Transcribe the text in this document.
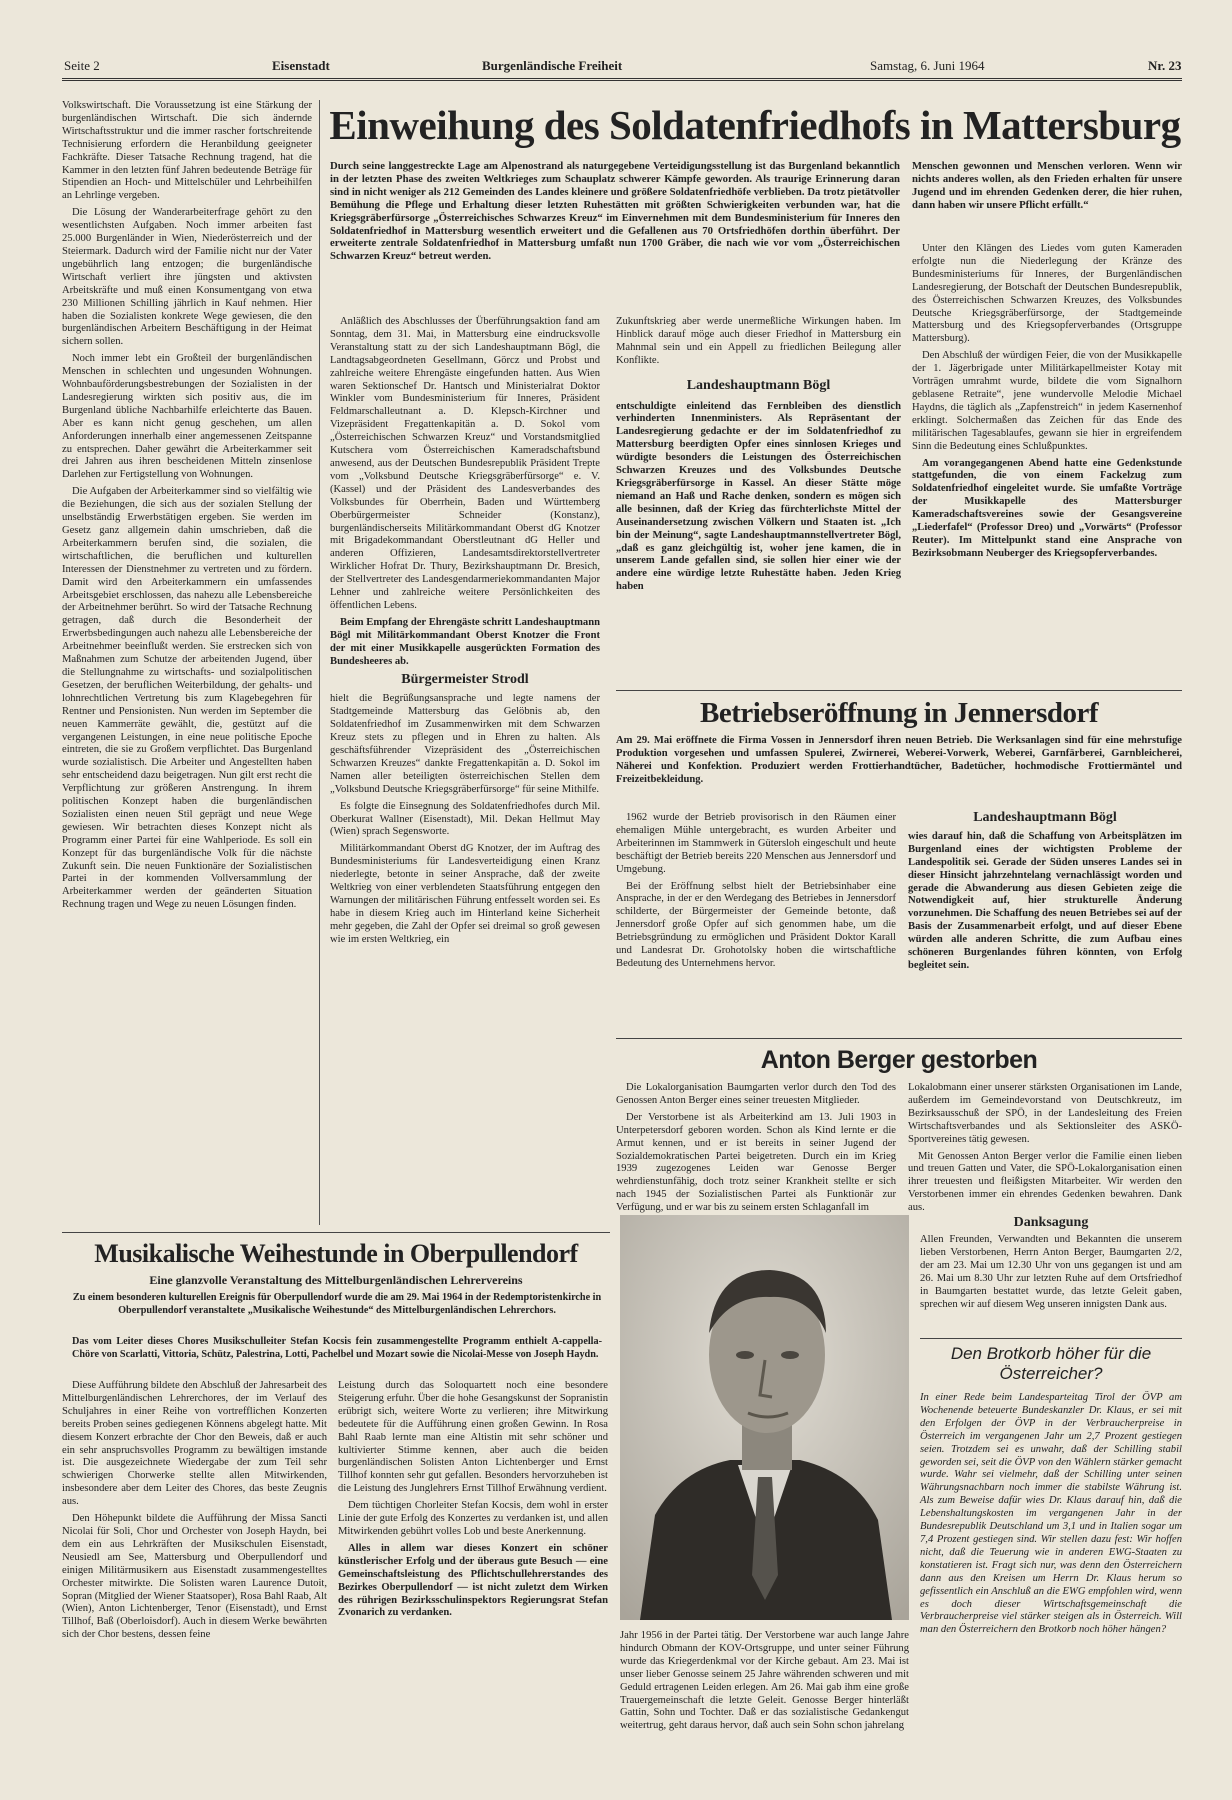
Seite 2	Eisenstadt	Burgenländische Freiheit	Samstag, 6. Juni 1964	Nr. 23

Volkswirtschaft. Die Voraussetzung ist eine Stärkung der burgenländischen Wirtschaft. Die sich ändernde Wirtschaftsstruktur und die immer rascher fortschreitende Technisierung erfordern die Heranbildung geeigneter Fachkräfte. Dieser Tatsache Rechnung tragend, hat die Kammer in den letzten fünf Jahren bedeutende Beträge für Stipendien an Hoch- und Mittelschüler und Lehrbeihilfen an Lehrlinge vergeben.

Die Lösung der Wanderarbeiterfrage gehört zu den wesentlichsten Aufgaben. Noch immer arbeiten fast 25.000 Burgenländer in Wien, Niederösterreich und der Steiermark. Dadurch wird der Familie nicht nur der Vater ungebührlich lang entzogen; die burgenländische Wirtschaft verliert ihre jüngsten und aktivsten Arbeitskräfte und muß einen Konsumentgang von etwa 230 Millionen Schilling jährlich in Kauf nehmen. Hier haben die Sozialisten konkrete Wege gewiesen, die den burgenländischen Arbeitern Beschäftigung in der Heimat sichern sollen.

Noch immer lebt ein Großteil der burgenländischen Menschen in schlechten und ungesunden Wohnungen. Wohnbauförderungsbestrebungen der Sozialisten in der Landesregierung wirkten sich positiv aus, die im Burgenland übliche Nachbarhilfe erleichterte das Bauen. Aber es kann nicht genug geschehen, um allen Anforderungen innerhalb einer angemessenen Zeitspanne zu entsprechen. Daher gewährt die Arbeiterkammer seit drei Jahren aus ihren bescheidenen Mitteln zinsenlose Darlehen zur Fertigstellung von Wohnungen.

Die Aufgaben der Arbeiterkammer sind so vielfältig wie die Beziehungen, die sich aus der sozialen Stellung der unselbständig Erwerbstätigen ergeben. Sie werden im Gesetz ganz allgemein dahin umschrieben, daß die Arbeiterkammern berufen sind, die sozialen, die wirtschaftlichen, die beruflichen und kulturellen Interessen der Dienstnehmer zu vertreten und zu fördern. Damit wird den Arbeiterkammern ein umfassendes Arbeitsgebiet erschlossen, das nahezu alle Lebensbereiche der Arbeitnehmer berührt. So wird der Tatsache Rechnung getragen, daß durch die Besonderheit der Erwerbsbedingungen auch nahezu alle Lebensbereiche der Arbeitnehmer beeinflußt werden. Sie erstrecken sich von Maßnahmen zum Schutze der arbeitenden Jugend, über die Stellungnahme zu wirtschafts- und sozialpolitischen Gesetzen, der beruflichen Weiterbildung, der gehalts- und lohnrechtlichen Vertretung bis zum Klagebegehren für Rentner und Pensionisten. Nun werden im September die neuen Kammerräte gewählt, die, gestützt auf die vergangenen Leistungen, in eine neue politische Epoche eintreten, die sie zu Großem verpflichtet. Das Burgenland wurde sozialistisch. Die Arbeiter und Angestellten haben sehr entscheidend dazu beigetragen. Nun gilt erst recht die Verpflichtung zur größeren Anstrengung. In ihrem politischen Konzept haben die burgenländischen Sozialisten einen neuen Stil geprägt und neue Wege gewiesen. Wir betrachten dieses Konzept nicht als Programm einer Partei für eine Wahlperiode. Es soll ein Konzept für das burgenländische Volk für die nächste Zukunft sein. Die neuen Funktionäre der Sozialistischen Partei in der kommenden Vollversammlung der Arbeiterkammer werden der geänderten Situation Rechnung tragen und Wege zu neuen Lösungen finden.

Einweihung des Soldatenfriedhofs in Mattersburg
Durch seine langgestreckte Lage am Alpenostrand als naturgegebene Verteidigungsstellung ist das Burgenland bekanntlich in der letzten Phase des zweiten Weltkrieges zum Schauplatz schwerer Kämpfe geworden. Als traurige Erinnerung daran sind in nicht weniger als 212 Gemeinden des Landes kleinere und größere Soldatenfriedhöfe verblieben. Da trotz pietätvoller Bemühung die Pflege und Erhaltung dieser letzten Ruhestätten mit größten Schwierigkeiten verbunden war, hat die Kriegsgräberfürsorge „Österreichisches Schwarzes Kreuz“ im Einvernehmen mit dem Bundesministerium für Inneres den Soldatenfriedhof in Mattersburg wesentlich erweitert und die Gefallenen aus 70 Ortsfriedhöfen dorthin überführt. Der erweiterte zentrale Soldatenfriedhof in Mattersburg umfaßt nun 1700 Gräber, die nach wie vor vom „Österreichischen Schwarzen Kreuz“ betreut werden.
Menschen gewonnen und Menschen verloren. Wenn wir nichts anderes wollen, als den Frieden erhalten für unsere Jugend und im ehrenden Gedenken derer, die hier ruhen, dann haben wir unsere Pflicht erfüllt.“

Anläßlich des Abschlusses der Überführungsaktion fand am Sonntag, dem 31. Mai, in Mattersburg eine eindrucksvolle Veranstaltung statt zu der sich Landeshauptmann Bögl, die Landtagsabgeordneten Gesellmann, Görcz und Probst und zahlreiche weitere Ehrengäste eingefunden hatten. Aus Wien waren Sektionschef Dr. Hantsch und Ministerialrat Doktor Winkler vom Bundesministerium für Inneres, Präsident Feldmarschalleutnant a. D. Klepsch-Kirchner und Vizepräsident Fregattenkapitän a. D. Sokol vom „Österreichischen Schwarzen Kreuz“ und Vorstandsmitglied Kutschera vom Österreichischen Kameradschaftsbund anwesend, aus der Deutschen Bundesrepublik Präsident Trepte vom „Volksbund Deutsche Kriegsgräberfürsorge“ e. V. (Kassel) und der Präsident des Landesverbandes des Volksbundes für Oberrhein, Baden und Württemberg Oberbürgermeister Schneider (Konstanz), burgenländischerseits Militärkommandant Oberst dG Knotzer mit Brigadekommandant Oberstleutnant dG Heller und anderen Offizieren, Landesamtsdirektorstellvertreter Wirklicher Hofrat Dr. Thury, Bezirkshauptmann Dr. Bresich, der Stellvertreter des Landesgendarmeriekommandanten Major Lehner und zahlreiche weitere Persönlichkeiten des öffentlichen Lebens.

Beim Empfang der Ehrengäste schritt Landeshauptmann Bögl mit Militärkommandant Oberst Knotzer die Front der mit einer Musikkapelle ausgerückten Formation des Bundesheeres ab.

Bürgermeister Strodl

hielt die Begrüßungsansprache und legte namens der Stadtgemeinde Mattersburg das Gelöbnis ab, den Soldatenfriedhof im Zusammenwirken mit dem Schwarzen Kreuz stets zu pflegen und in Ehren zu halten. Als geschäftsführender Vizepräsident des „Österreichischen Schwarzen Kreuzes“ dankte Fregattenkapitän a. D. Sokol im Namen aller beteiligten österreichischen Stellen dem „Volksbund Deutsche Kriegsgräberfürsorge“ für seine Mithilfe.

Es folgte die Einsegnung des Soldatenfriedhofes durch Mil. Oberkurat Wallner (Eisenstadt), Mil. Dekan Hellmut May (Wien) sprach Segensworte.

Militärkommandant Oberst dG Knotzer, der im Auftrag des Bundesministeriums für Landesverteidigung einen Kranz niederlegte, betonte in seiner Ansprache, daß der zweite Weltkrieg von einer verblendeten Staatsführung entgegen den Warnungen der militärischen Führung entfesselt worden sei. Es habe in diesem Krieg auch im Hinterland keine Sicherheit mehr gegeben, die Zahl der Opfer sei dreimal so groß gewesen wie im ersten Weltkrieg, ein

Zukunftskrieg aber werde unermeßliche Wirkungen haben. Im Hinblick darauf möge auch dieser Friedhof in Mattersburg ein Mahnmal sein und ein Appell zu friedlichen Beilegung aller Konflikte.

Landeshauptmann Bögl

entschuldigte einleitend das Fernbleiben des dienstlich verhinderten Innenministers. Als Repräsentant der Landesregierung gedachte er der im Soldatenfriedhof zu Mattersburg beerdigten Opfer eines sinnlosen Krieges und würdigte besonders die Leistungen des Österreichischen Schwarzen Kreuzes und des Volksbundes Deutsche Kriegsgräberfürsorge in Kassel. An dieser Stätte möge niemand an Haß und Rache denken, sondern es mögen sich alle besinnen, daß der Krieg das fürchterlichste Mittel der Auseinandersetzung zwischen Völkern und Staaten ist. „Ich bin der Meinung“, sagte Landeshauptmannstellvertreter Bögl, „daß es ganz gleichgültig ist, woher jene kamen, die in unserem Lande gefallen sind, sie sollen hier einer wie der andere eine würdige letzte Ruhestätte haben. Jeden Krieg haben

Unter den Klängen des Liedes vom guten Kameraden erfolgte nun die Niederlegung der Kränze des Bundesministeriums für Inneres, der Burgenländischen Landesregierung, der Botschaft der Deutschen Bundesrepublik, des Österreichischen Schwarzen Kreuzes, des Volksbundes Deutsche Kriegsgräberfürsorge, der Stadtgemeinde Mattersburg und des Kriegsopferverbandes (Ortsgruppe Mattersburg).

Den Abschluß der würdigen Feier, die von der Musikkapelle der 1. Jägerbrigade unter Militärkapellmeister Kotay mit Vorträgen umrahmt wurde, bildete die vom Signalhorn geblasene Retraite“, jene wundervolle Melodie Michael Haydns, die täglich als „Zapfenstreich“ in jedem Kasernenhof erklingt. Solchermaßen das Zeichen für das Ende des militärischen Tagesablaufes, gewann sie hier in ergreifendem Sinn die Bedeutung eines Schlußpunktes.

Am vorangegangenen Abend hatte eine Gedenkstunde stattgefunden, die von einem Fackelzug zum Soldatenfriedhof eingeleitet wurde. Sie umfaßte Vorträge der Musikkapelle des Mattersburger Kameradschaftsvereines sowie der Gesangsvereine „Liederfafel“ (Professor Dreo) und „Vorwärts“ (Professor Reuter). Im Mittelpunkt stand eine Ansprache von Bezirksobmann Neuberger des Kriegsopferverbandes.

Betriebseröffnung in Jennersdorf
Am 29. Mai eröffnete die Firma Vossen in Jennersdorf ihren neuen Betrieb. Die Werksanlagen sind für eine mehrstufige Produktion vorgesehen und umfassen Spulerei, Zwirnerei, Weberei-Vorwerk, Weberei, Garnfärberei, Garnbleicherei, Näherei und Konfektion. Produziert werden Frottierhandtücher, Badetücher, hochmodische Frottiermäntel und Freizeitbekleidung.

1962 wurde der Betrieb provisorisch in den Räumen einer ehemaligen Mühle untergebracht, es wurden Arbeiter und Arbeiterinnen im Stammwerk in Gütersloh eingeschult und heute beschäftigt der Betrieb bereits 220 Menschen aus Jennersdorf und Umgebung.

Bei der Eröffnung selbst hielt der Betriebsinhaber eine Ansprache, in der er den Werdegang des Betriebes in Jennersdorf schilderte, der Bürgermeister der Gemeinde betonte, daß Jennersdorf große Opfer auf sich genommen habe, um die Betriebsgründung zu ermöglichen und Präsident Doktor Karall und Landesrat Dr. Grohotolsky hoben die wirtschaftliche Bedeutung des Unternehmens hervor.

Landeshauptmann Bögl

wies darauf hin, daß die Schaffung von Arbeitsplätzen im Burgenland eines der wichtigsten Probleme der Landespolitik sei. Gerade der Süden unseres Landes sei in dieser Hinsicht jahrzehntelang vernachlässigt worden und gerade die Abwanderung aus diesen Gebieten zeige die Notwendigkeit auf, hier strukturelle Änderung vorzunehmen. Die Schaffung des neuen Betriebes sei auf der Basis der Zusammenarbeit erfolgt, und auf dieser Ebene würden alle anderen Schritte, die zum Aufbau eines schöneren Burgenlandes führen könnten, von Erfolg begleitet sein.

Anton Berger gestorben

Die Lokalorganisation Baumgarten verlor durch den Tod des Genossen Anton Berger eines seiner treuesten Mitglieder.

Der Verstorbene ist als Arbeiterkind am 13. Juli 1903 in Unterpetersdorf geboren worden. Schon als Kind lernte er die Armut kennen, und er ist bereits in seiner Jugend der Sozialdemokratischen Partei beigetreten. Durch ein im Krieg 1939 zugezogenes Leiden war Genosse Berger wehrdienstunfähig, doch trotz seiner Krankheit stellte er sich nach 1945 der Sozialistischen Partei als Funktionär zur Verfügung, und er war bis zu seinem ersten Schlaganfall im

Lokalobmann einer unserer stärksten Organisationen im Lande, außerdem im Gemeindevorstand von Deutschkreutz, im Bezirksausschuß der SPÖ, in der Landesleitung des Freien Wirtschaftsverbandes und als Sektionsleiter des ASKÖ-Sportvereines tätig gewesen.

Mit Genossen Anton Berger verlor die Familie einen lieben und treuen Gatten und Vater, die SPÖ-Lokalorganisation einen ihrer treuesten und fleißigsten Mitarbeiter. Wir werden den Verstorbenen immer ein ehrendes Gedenken bewahren. Dank aus.

Jahr 1956 in der Partei tätig. Der Verstorbene war auch lange Jahre hindurch Obmann der KOV-Ortsgruppe, und unter seiner Führung wurde das Kriegerdenkmal vor der Kirche gebaut. Am 23. Mai ist unser lieber Genosse seinem 25 Jahre währenden schweren und mit Geduld ertragenen Leiden erlegen. Am 26. Mai gab ihm eine große Trauergemeinschaft die letzte Geleit. Genosse Berger hinterläßt Gattin, Sohn und Tochter. Daß er das sozialistische Gedankengut weitertrug, geht daraus hervor, daß auch sein Sohn schon jahrelang
Danksagung
Allen Freunden, Verwandten und Bekannten die unserem lieben Verstorbenen, Herrn Anton Berger, Baumgarten 2/2, der am 23. Mai um 12.30 Uhr von uns gegangen ist und am 26. Mai um 8.30 Uhr zur letzten Ruhe auf dem Ortsfriedhof in Baumgarten bestattet wurde, das letzte Geleit gaben, sprechen wir auf diesem Weg unseren innigsten Dank aus.
Den Brotkorb höher für die Österreicher?
In einer Rede beim Landesparteitag Tirol der ÖVP am Wochenende beteuerte Bundeskanzler Dr. Klaus, er sei mit den Erfolgen der ÖVP in der Verbraucherpreise in Österreich im vergangenen Jahr um 2,7 Prozent gestiegen seien. Trotzdem sei es unwahr, daß der Schilling stabil geworden sei, seit die ÖVP von den Wählern stärker gemacht wurde. Wahr sei vielmehr, daß der Schilling unter seinen Währungsnachbarn noch immer die stabilste Währung ist. Als zum Beweise dafür wies Dr. Klaus darauf hin, daß die Lebenshaltungskosten im vergangenen Jahr in der Bundesrepublik Deutschland um 3,1 und in Italien sogar um 7,4 Prozent gestiegen sind. Wir stellen dazu fest: Wir hoffen nicht, daß die Teuerung wie in anderen EWG-Staaten zu konstatieren ist. Fragt sich nur, was denn den Österreichern dann aus den Kreisen um Herrn Dr. Klaus herum so gefissentlich ein Anschluß an die EWG empfohlen wird, wenn es doch dieser Wirtschaftsgemeinschaft die Verbraucherpreise viel stärker steigen als in Österreich. Will man den Österreichern den Brotkorb noch höher hängen?
Musikalische Weihestunde in Oberpullendorf
Eine glanzvolle Veranstaltung des Mittelburgenländischen Lehrervereins
Zu einem besonderen kulturellen Ereignis für Oberpullendorf wurde die am 29. Mai 1964 in der Redemptoristenkirche in Oberpullendorf veranstaltete „Musikalische Weihestunde“ des Mittelburgenländischen Lehrerchors.
Das vom Leiter dieses Chores Musikschulleiter Stefan Kocsis fein zusammengestellte Programm enthielt A-cappella-Chöre von Scarlatti, Vittoria, Schütz, Palestrina, Lotti, Pachelbel und Mozart sowie die Nicolai-Messe von Joseph Haydn.

Diese Aufführung bildete den Abschluß der Jahresarbeit des Mittelburgenländischen Lehrerchores, der im Verlauf des Schuljahres in einer Reihe von vortrefflichen Konzerten bereits Proben seines gediegenen Könnens abgelegt hatte. Mit diesem Konzert erbrachte der Chor den Beweis, daß er auch ein sehr anspruchsvolles Programm zu bewältigen imstande ist. Die ausgezeichnete Wiedergabe der zum Teil sehr schwierigen Chorwerke stellte allen Mitwirkenden, insbesondere aber dem Leiter des Chores, das beste Zeugnis aus.

Den Höhepunkt bildete die Aufführung der Missa Sancti Nicolai für Soli, Chor und Orchester von Joseph Haydn, bei dem ein aus Lehrkräften der Musikschulen Eisenstadt, Neusiedl am See, Mattersburg und Oberpullendorf und einigen Militärmusikern aus Eisenstadt zusammengestelltes Orchester mitwirkte. Die Solisten waren Laurence Dutoit, Sopran (Mitglied der Wiener Staatsoper), Rosa Bahl Raab, Alt (Wien), Anton Lichtenberger, Tenor (Eisenstadt), und Ernst Tillhof, Baß (Oberloisdorf). Auch in diesem Werke bewährten sich der Chor bestens, dessen feine

Leistung durch das Soloquartett noch eine besondere Steigerung erfuhr. Über die hohe Gesangskunst der Sopranistin erübrigt sich, weitere Worte zu verlieren; ihre Mitwirkung bedeutete für die Aufführung einen großen Gewinn. In Rosa Bahl Raab lernte man eine Altistin mit sehr schöner und kultivierter Stimme kennen, aber auch die beiden burgenländischen Solisten Anton Lichtenberger und Ernst Tillhof konnten sehr gut gefallen. Besonders hervorzuheben ist die Leistung des Junglehrers Ernst Tillhof Erwähnung verdient.

Dem tüchtigen Chorleiter Stefan Kocsis, dem wohl in erster Linie der gute Erfolg des Konzertes zu verdanken ist, und allen Mitwirkenden gebührt volles Lob und beste Anerkennung.

Alles in allem war dieses Konzert ein schöner künstlerischer Erfolg und der überaus gute Besuch — eine Gemeinschaftsleistung des Pflichtschullehrerstandes des Bezirkes Oberpullendorf — ist nicht zuletzt dem Wirken des rührigen Bezirksschulinspektors Regierungsrat Stefan Zvonarich zu verdanken.
